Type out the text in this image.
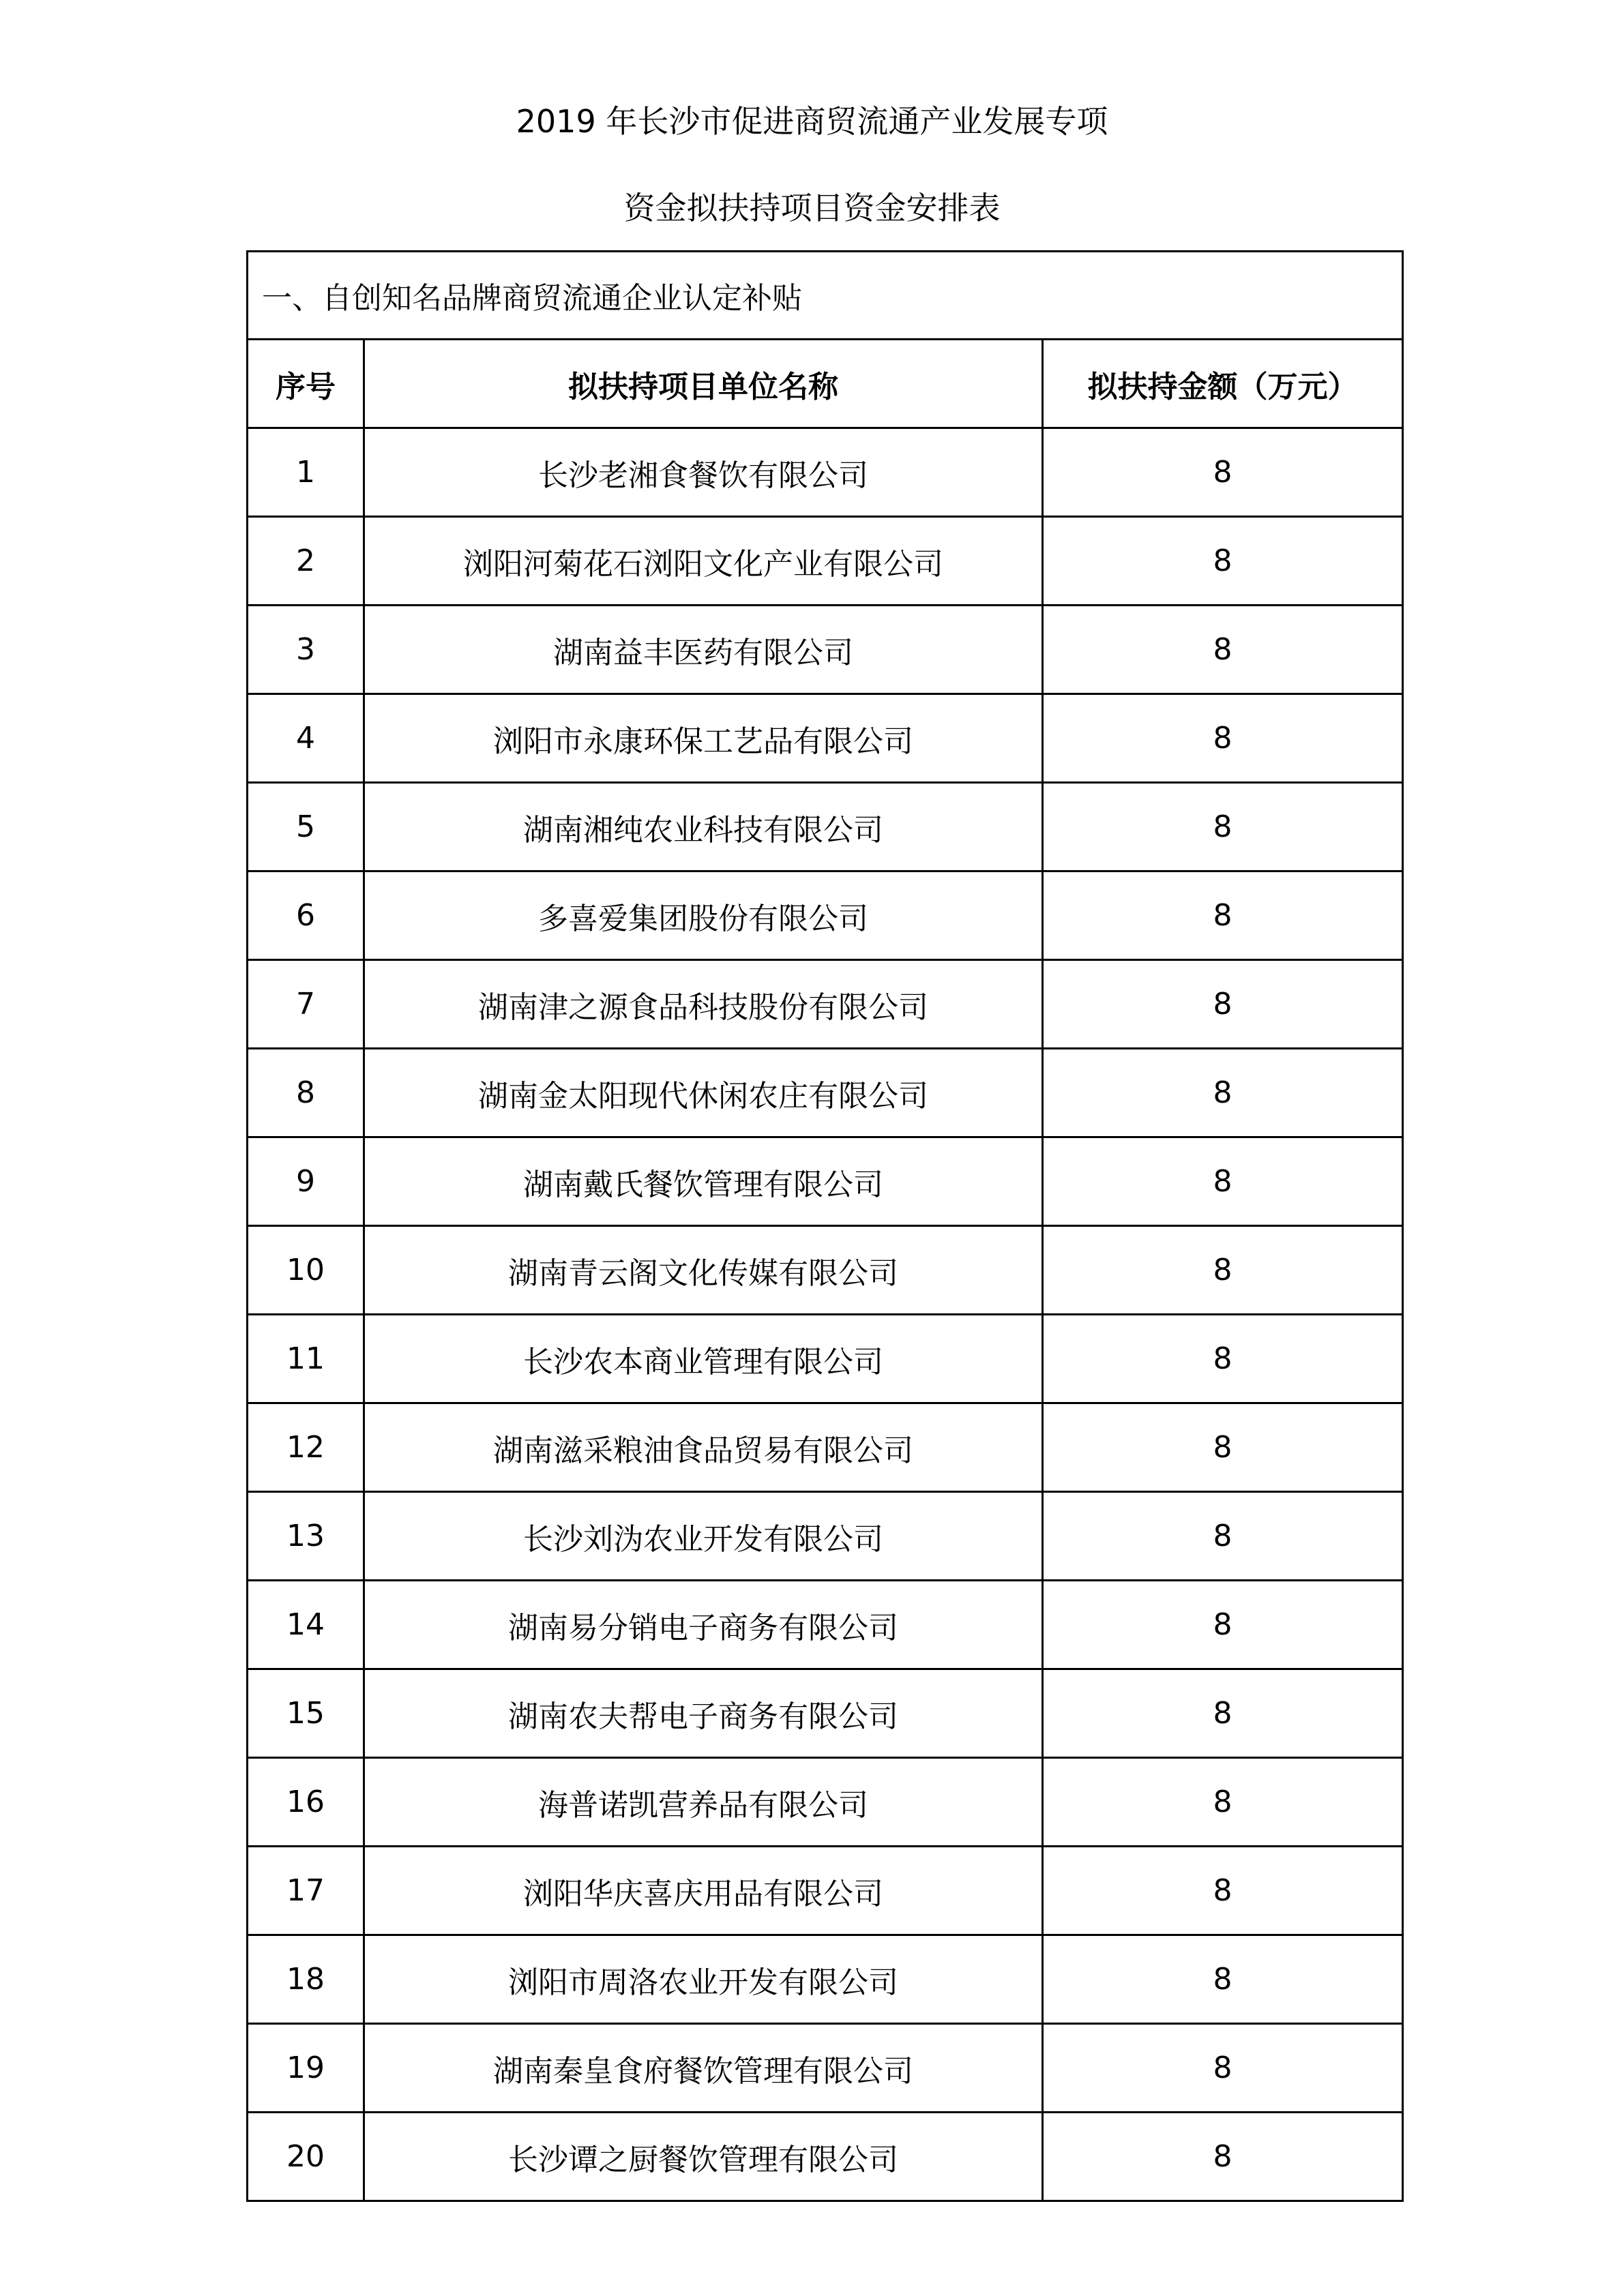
2019 年长沙市促进商贸流通产业发展专项
资金拟扶持项目资金安排表
一、自创知名品牌商贸流通企业认定补贴		
序号	拟扶持项目单位名称	拟扶持金额（万元）
1	长沙老湘食餐饮有限公司	8
2	浏阳河菊花石浏阳文化产业有限公司	8
3	湖南益丰医药有限公司	8
4	浏阳市永康环保工艺品有限公司	8
5	湖南湘纯农业科技有限公司	8
6	多喜爱集团股份有限公司	8
7	湖南津之源食品科技股份有限公司	8
8	湖南金太阳现代休闲农庄有限公司	8
9	湖南戴氏餐饮管理有限公司	8
10	湖南青云阁文化传媒有限公司	8
11	长沙农本商业管理有限公司	8
12	湖南滋采粮油食品贸易有限公司	8
13	长沙刘沩农业开发有限公司	8
14	湖南易分销电子商务有限公司	8
15	湖南农夫帮电子商务有限公司	8
16	海普诺凯营养品有限公司	8
17	浏阳华庆喜庆用品有限公司	8
18	浏阳市周洛农业开发有限公司	8
19	湖南秦皇食府餐饮管理有限公司	8
20	长沙谭之厨餐饮管理有限公司	8
